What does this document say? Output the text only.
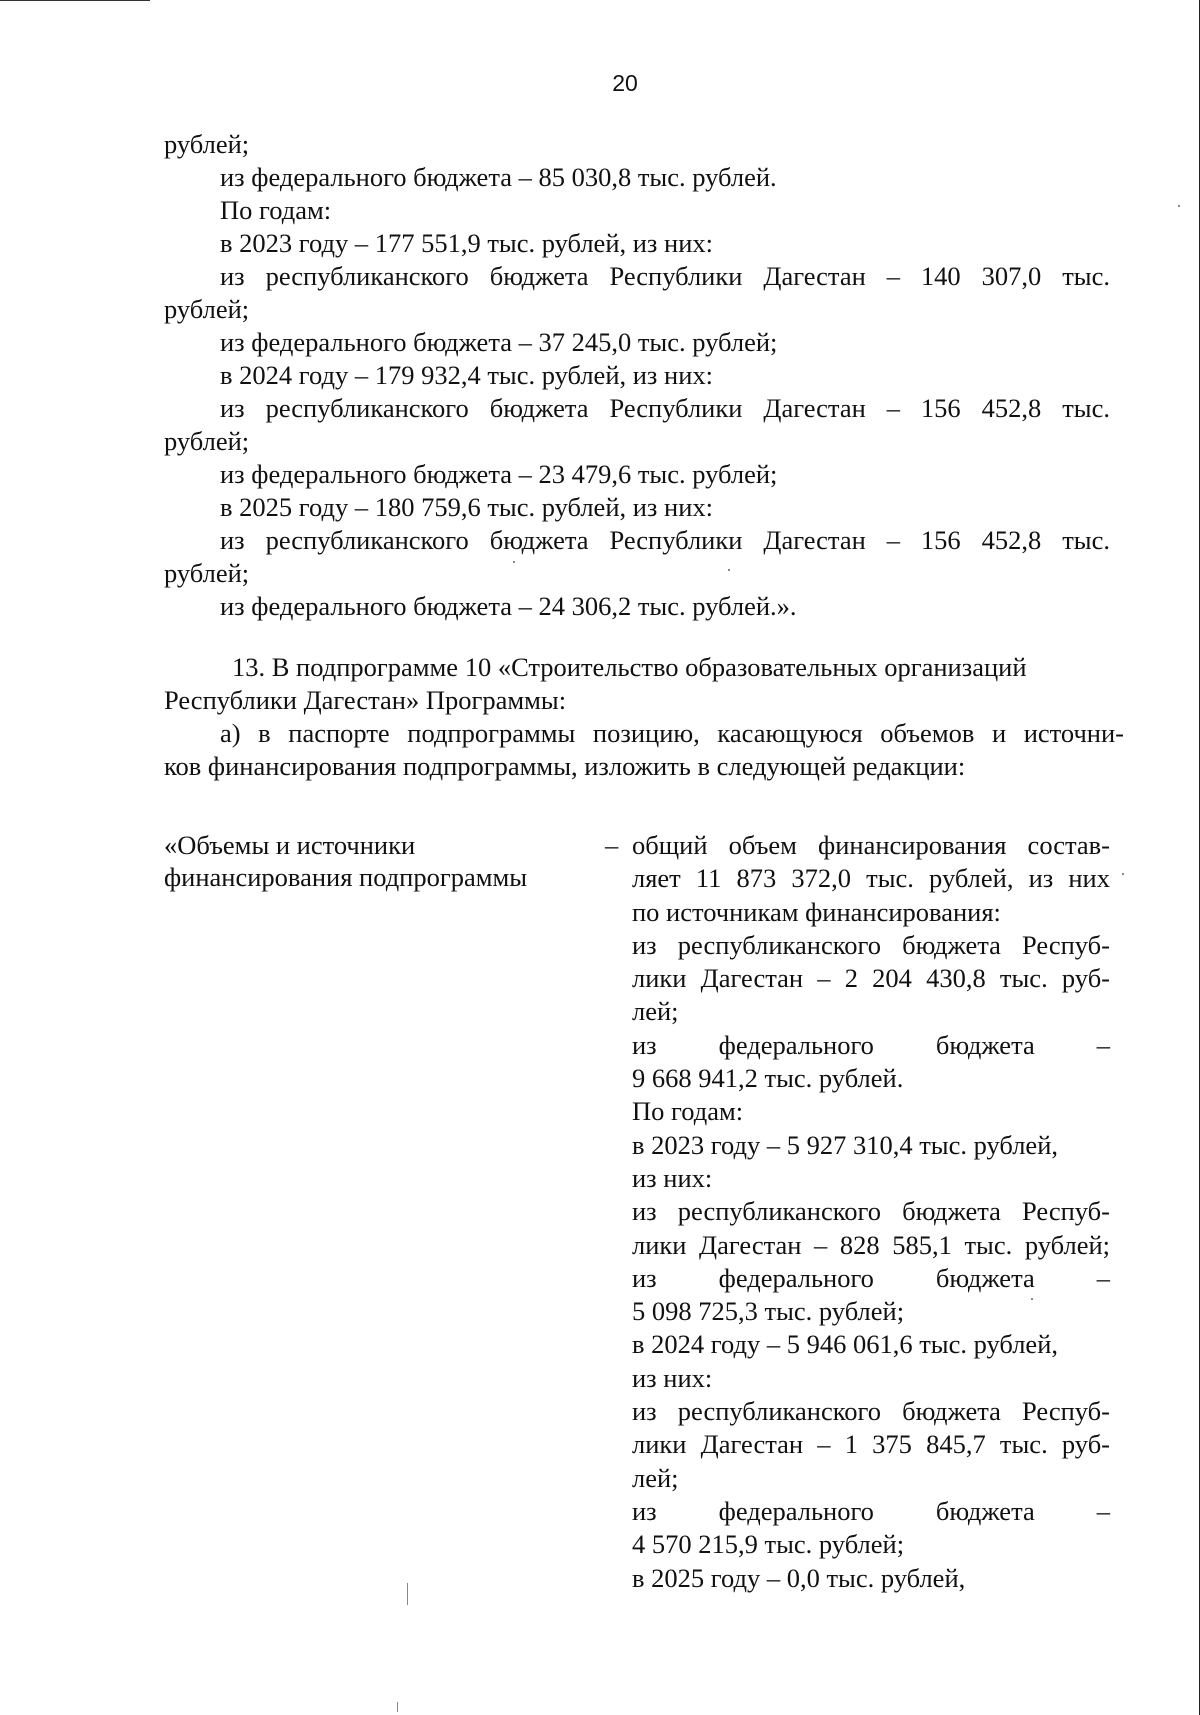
20
рублей;
из федерального бюджета – 85 030,8 тыс. рублей.
По годам:
в 2023 году – 177 551,9 тыс. рублей, из них:
из республиканского бюджета Республики Дагестан – 140 307,0 тыс.
рублей;
из федерального бюджета – 37 245,0 тыс. рублей;
в 2024 году – 179 932,4 тыс. рублей, из них:
из республиканского бюджета Республики Дагестан – 156 452,8 тыс.
рублей;
из федерального бюджета – 23 479,6 тыс. рублей;
в 2025 году – 180 759,6 тыс. рублей, из них:
из республиканского бюджета Республики Дагестан – 156 452,8 тыс.
рублей;
из федерального бюджета – 24 306,2 тыс. рублей.».
13. В подпрограмме 10 «Строительство образовательных организаций
Республики Дагестан» Программы:
а) в паспорте подпрограммы позицию, касающуюся объемов и источни-
ков финансирования подпрограммы, изложить в следующей редакции:
«Объемы и источники
финансирования подпрограммы
– общий объем финансирования состав-
ляет 11 873 372,0 тыс. рублей, из них
по источникам финансирования:
из республиканского бюджета Респуб-
лики Дагестан – 2 204 430,8 тыс. руб-
лей;
из федерального бюджета –
9 668 941,2 тыс. рублей.
По годам:
в 2023 году – 5 927 310,4 тыс. рублей,
из них:
из республиканского бюджета Респуб-
лики Дагестан – 828 585,1 тыс. рублей;
из федерального бюджета –
5 098 725,3 тыс. рублей;
в 2024 году – 5 946 061,6 тыс. рублей,
из них:
из республиканского бюджета Респуб-
лики Дагестан – 1 375 845,7 тыс. руб-
лей;
из федерального бюджета –
4 570 215,9 тыс. рублей;
в 2025 году – 0,0 тыс. рублей,
